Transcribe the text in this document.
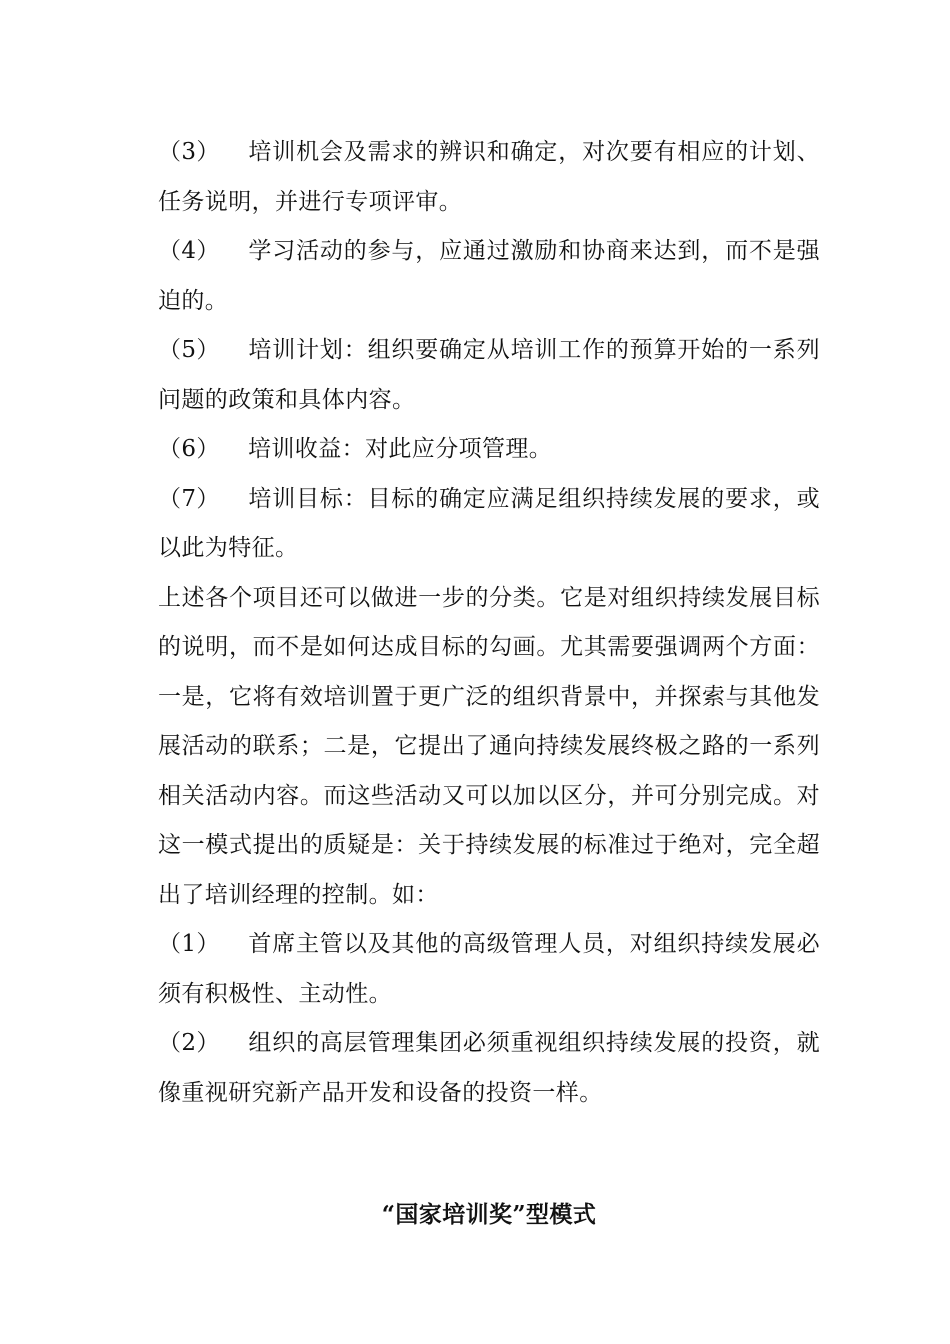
（3） 培训机会及需求的辨识和确定，对次要有相应的计划、任务说明，并进行专项评审。

（4） 学习活动的参与，应通过激励和协商来达到，而不是强迫的。

（5） 培训计划：组织要确定从培训工作的预算开始的一系列问题的政策和具体内容。

（6） 培训收益：对此应分项管理。

（7） 培训目标：目标的确定应满足组织持续发展的要求，或以此为特征。

上述各个项目还可以做进一步的分类。它是对组织持续发展目标的说明，而不是如何达成目标的勾画。尤其需要强调两个方面：一是，它将有效培训置于更广泛的组织背景中，并探索与其他发展活动的联系；二是，它提出了通向持续发展终极之路的一系列相关活动内容。而这些活动又可以加以区分，并可分别完成。对这一模式提出的质疑是：关于持续发展的标准过于绝对，完全超出了培训经理的控制。如：

（1） 首席主管以及其他的高级管理人员，对组织持续发展必须有积极性、主动性。

（2） 组织的高层管理集团必须重视组织持续发展的投资，就像重视研究新产品开发和设备的投资一样。

“国家培训奖”型模式
